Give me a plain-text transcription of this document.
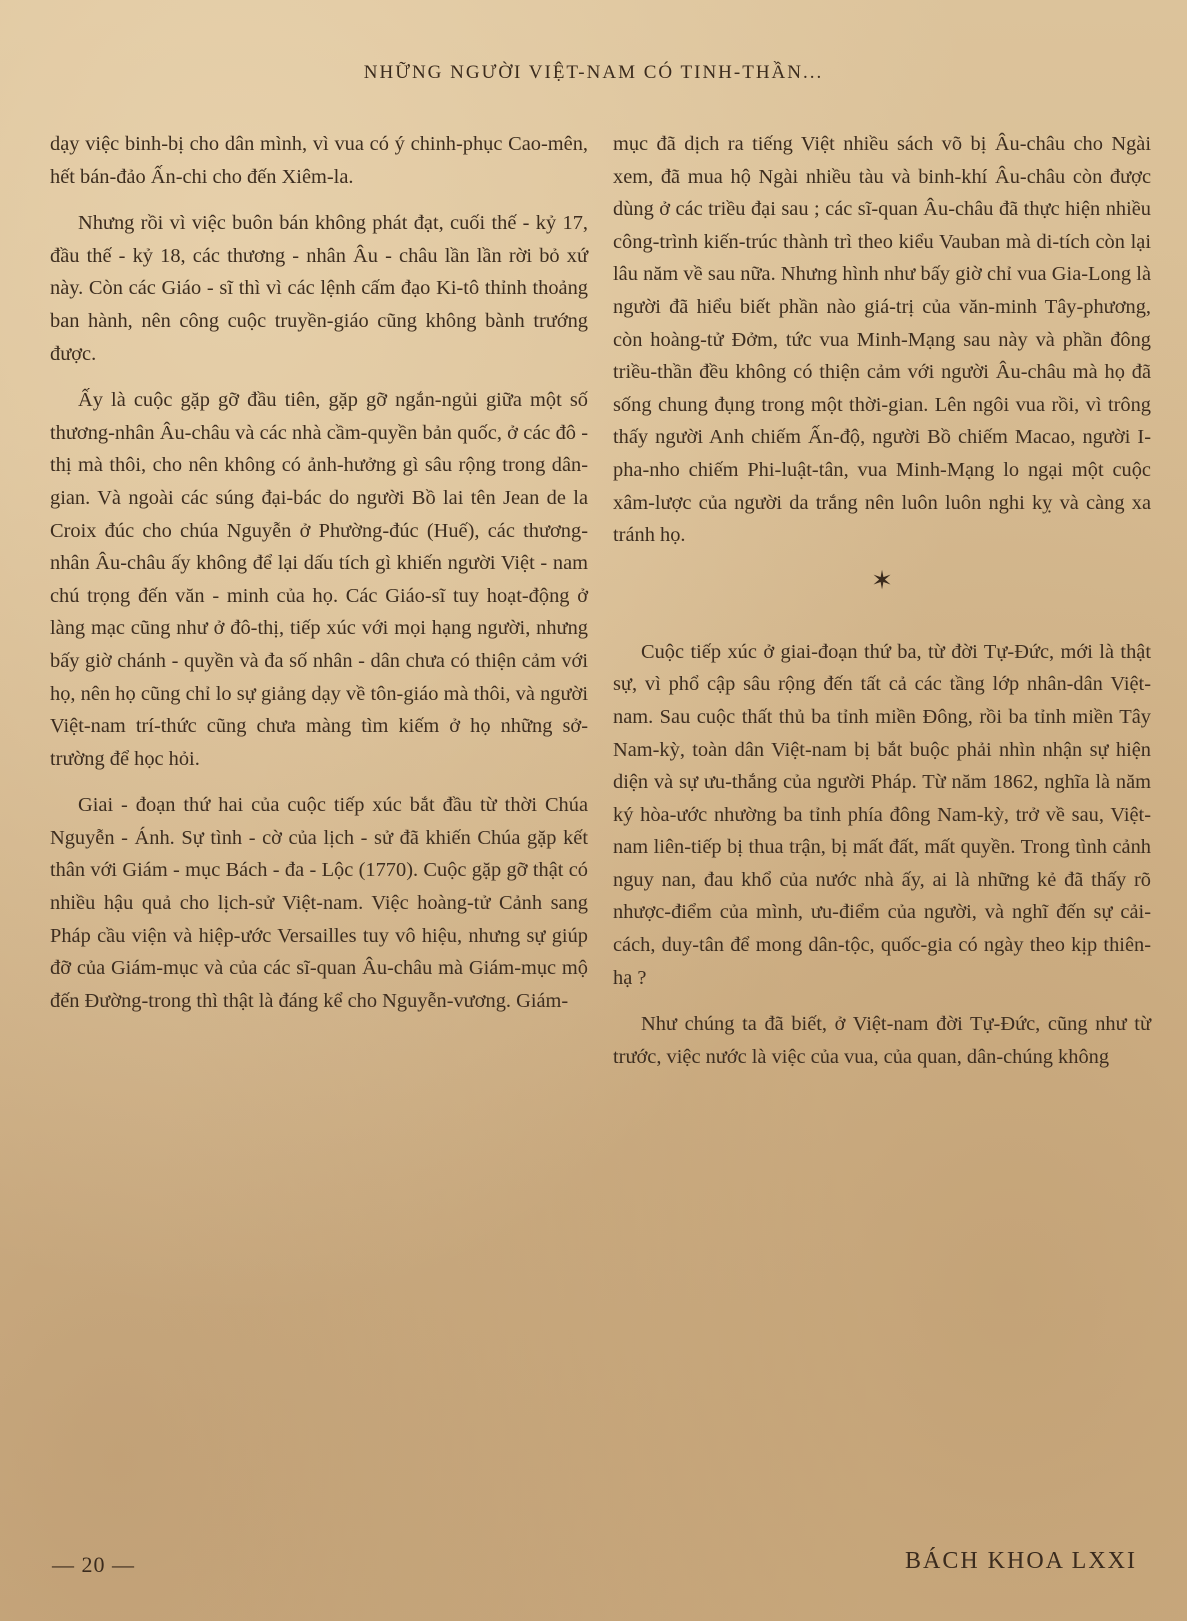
NHỮNG NGƯỜI VIỆT-NAM CÓ TINH-THẦN...

dạy việc binh-bị cho dân mình, vì vua có ý chinh-phục Cao-mên, hết bán-đảo Ấn-chi cho đến Xiêm-la.

Nhưng rồi vì việc buôn bán không phát đạt, cuối thế - kỷ 17, đầu thế - kỷ 18, các thương - nhân Âu - châu lần lần rời bỏ xứ này. Còn các Giáo - sĩ thì vì các lệnh cấm đạo Ki-tô thỉnh thoảng ban hành, nên công cuộc truyền-giáo cũng không bành trướng được.

Ấy là cuộc gặp gỡ đầu tiên, gặp gỡ ngắn-ngủi giữa một số thương-nhân Âu-châu và các nhà cầm-quyền bản quốc, ở các đô - thị mà thôi, cho nên không có ảnh-hưởng gì sâu rộng trong dân-gian. Và ngoài các súng đại-bác do người Bồ lai tên Jean de la Croix đúc cho chúa Nguyễn ở Phường-đúc (Huế), các thương-nhân Âu-châu ấy không để lại dấu tích gì khiến người Việt - nam chú trọng đến văn - minh của họ. Các Giáo-sĩ tuy hoạt-động ở làng mạc cũng như ở đô-thị, tiếp xúc với mọi hạng người, nhưng bấy giờ chánh - quyền và đa số nhân - dân chưa có thiện cảm với họ, nên họ cũng chỉ lo sự giảng dạy về tôn-giáo mà thôi, và người Việt-nam trí-thức cũng chưa màng tìm kiếm ở họ những sở-trường để học hỏi.

Giai - đoạn thứ hai của cuộc tiếp xúc bắt đầu từ thời Chúa Nguyễn - Ánh. Sự tình - cờ của lịch - sử đã khiến Chúa gặp kết thân với Giám - mục Bách - đa - Lộc (1770). Cuộc gặp gỡ thật có nhiều hậu quả cho lịch-sử Việt-nam. Việc hoàng-tử Cảnh sang Pháp cầu viện và hiệp-ước Versailles tuy vô hiệu, nhưng sự giúp đỡ của Giám-mục và của các sĩ-quan Âu-châu mà Giám-mục mộ đến Đường-trong thì thật là đáng kể cho Nguyễn-vương. Giám-

mục đã dịch ra tiếng Việt nhiều sách võ bị Âu-châu cho Ngài xem, đã mua hộ Ngài nhiều tàu và binh-khí Âu-châu còn được dùng ở các triều đại sau ; các sĩ-quan Âu-châu đã thực hiện nhiều công-trình kiến-trúc thành trì theo kiểu Vauban mà di-tích còn lại lâu năm về sau nữa. Nhưng hình như bấy giờ chỉ vua Gia-Long là người đã hiểu biết phần nào giá-trị của văn-minh Tây-phương, còn hoàng-tử Đởm, tức vua Minh-Mạng sau này và phần đông triều-thần đều không có thiện cảm với người Âu-châu mà họ đã sống chung đụng trong một thời-gian. Lên ngôi vua rồi, vì trông thấy người Anh chiếm Ấn-độ, người Bồ chiếm Macao, người I-pha-nho chiếm Phi-luật-tân, vua Minh-Mạng lo ngại một cuộc xâm-lược của người da trắng nên luôn luôn nghi kỵ và càng xa tránh họ.

✶

Cuộc tiếp xúc ở giai-đoạn thứ ba, từ đời Tự-Đức, mới là thật sự, vì phổ cập sâu rộng đến tất cả các tầng lớp nhân-dân Việt-nam. Sau cuộc thất thủ ba tỉnh miền Đông, rồi ba tỉnh miền Tây Nam-kỳ, toàn dân Việt-nam bị bắt buộc phải nhìn nhận sự hiện diện và sự ưu-thắng của người Pháp. Từ năm 1862, nghĩa là năm ký hòa-ước nhường ba tỉnh phía đông Nam-kỳ, trở về sau, Việt-nam liên-tiếp bị thua trận, bị mất đất, mất quyền. Trong tình cảnh nguy nan, đau khổ của nước nhà ấy, ai là những kẻ đã thấy rõ nhược-điểm của mình, ưu-điểm của người, và nghĩ đến sự cải-cách, duy-tân để mong dân-tộc, quốc-gia có ngày theo kịp thiên-hạ ?

Như chúng ta đã biết, ở Việt-nam đời Tự-Đức, cũng như từ trước, việc nước là việc của vua, của quan, dân-chúng không

— 20 —	BÁCH KHOA LXXI
